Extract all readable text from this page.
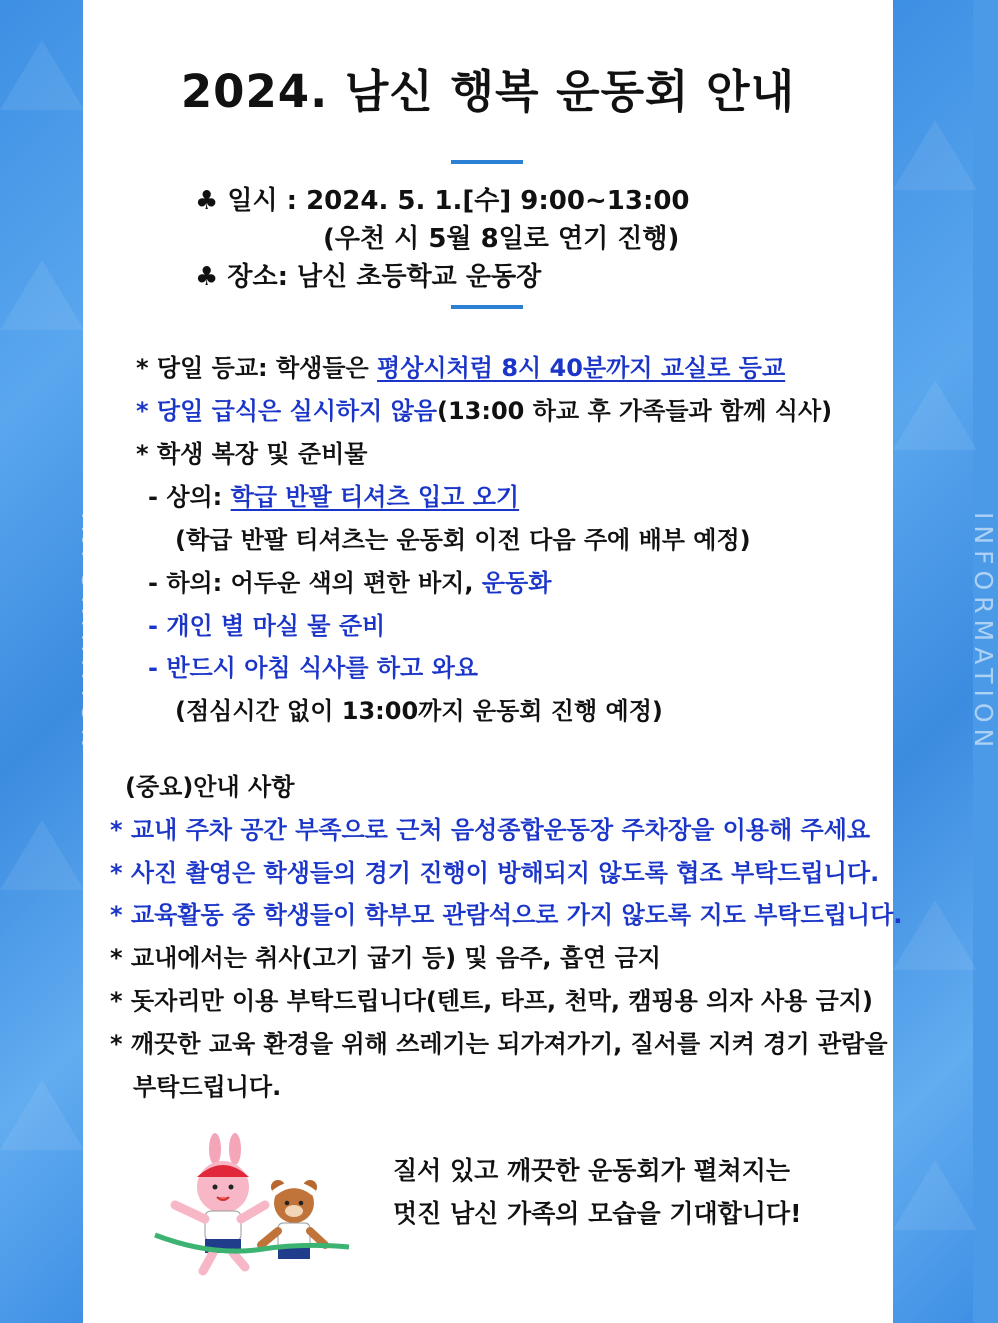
INFORMATION
2024. 남신 행복 운동회 안내
♣ 일시 : 2024. 5. 1.[수] 9:00~13:00
(우천 시 5월 8일로 연기 진행)
♣ 장소: 남신 초등학교 운동장
* 당일 등교: 학생들은 평상시처럼 8시 40분까지 교실로 등교
* 당일 급식은 실시하지 않음(13:00 하교 후 가족들과 함께 식사)
* 학생 복장 및 준비물
- 상의: 학급 반팔 티셔츠 입고 오기
(학급 반팔 티셔츠는 운동회 이전 다음 주에 배부 예정)
- 하의: 어두운 색의 편한 바지, 운동화
- 개인 별 마실 물 준비
- 반드시 아침 식사를 하고 와요
(점심시간 없이 13:00까지 운동회 진행 예정)
(중요)안내 사항
* 교내 주차 공간 부족으로 근처 음성종합운동장 주차장을 이용해 주세요
* 사진 촬영은 학생들의 경기 진행이 방해되지 않도록 협조 부탁드립니다.
* 교육활동 중 학생들이 학부모 관람석으로 가지 않도록 지도 부탁드립니다.
* 교내에서는 취사(고기 굽기 등) 및 음주, 흡연 금지
* 돗자리만 이용 부탁드립니다(텐트, 타프, 천막, 캠핑용 의자 사용 금지)
* 깨끗한 교육 환경을 위해 쓰레기는 되가져가기, 질서를 지켜 경기 관람을
부탁드립니다.
질서 있고 깨끗한 운동회가 펼쳐지는
멋진 남신 가족의 모습을 기대합니다!
